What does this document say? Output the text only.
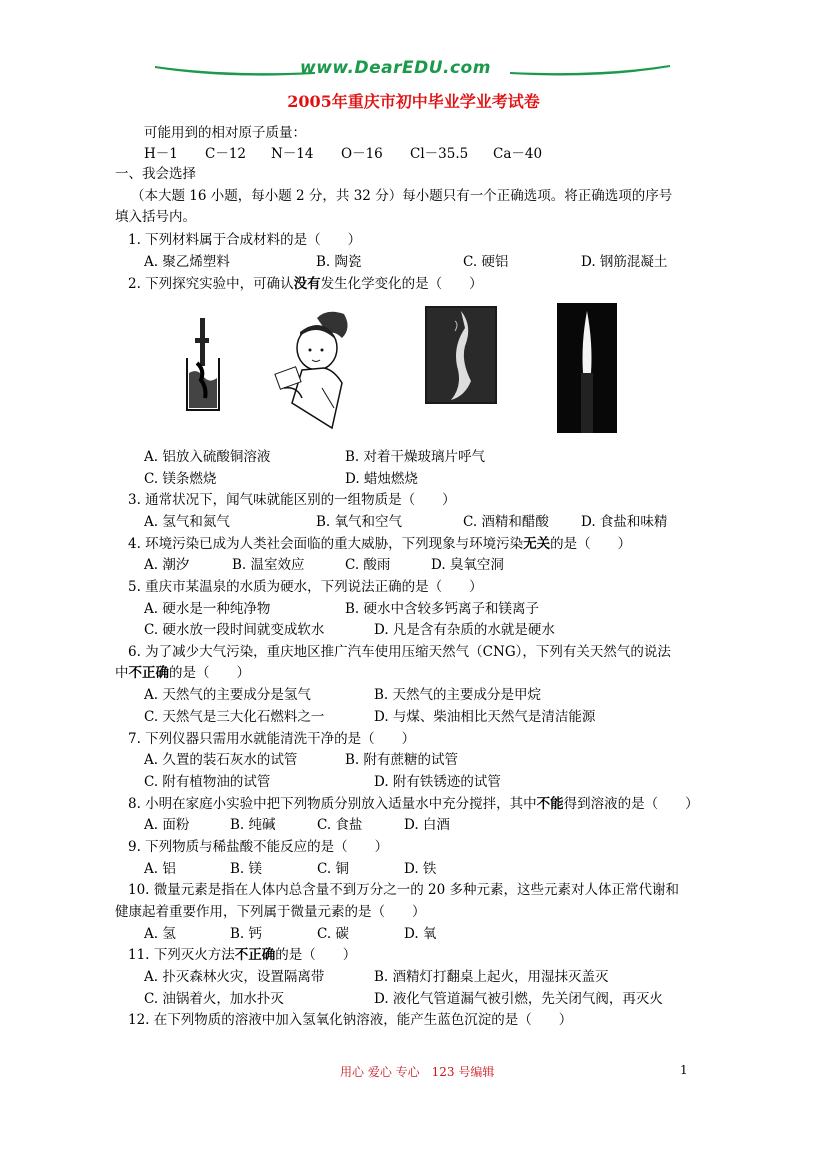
www.DearEDU.com
2005年重庆市初中毕业学业考试卷
可能用到的相对原子质量：
H－1 C－12 N－14 O－16 Cl－35.5 Ca－40
一、我会选择
（本大题 16 小题，每小题 2 分，共 32 分）每小题只有一个正确选项。将正确选项的序号
填入括号内。
1. 下列材料属于合成材料的是（　　）
A. 聚乙烯塑料	B. 陶瓷	C. 硬铝	D. 钢筋混凝土
2. 下列探究实验中，可确认没有发生化学变化的是（　　）
A. 铝放入硫酸铜溶液	B. 对着干燥玻璃片呼气
C. 镁条燃烧	D. 蜡烛燃烧
3. 通常状况下，闻气味就能区别的一组物质是（　　）
A. 氢气和氮气	B. 氧气和空气	C. 酒精和醋酸 D. 食盐和味精
4. 环境污染已成为人类社会面临的重大威胁，下列现象与环境污染无关的是（　　）
A. 潮汐	B. 温室效应	C. 酸雨	D. 臭氧空洞
5. 重庆市某温泉的水质为硬水，下列说法正确的是（　　）
A. 硬水是一种纯净物	B. 硬水中含较多钙离子和镁离子
C. 硬水放一段时间就变成软水	D. 凡是含有杂质的水就是硬水
6. 为了减少大气污染，重庆地区推广汽车使用压缩天然气（CNG），下列有关天然气的说法
中不正确的是（　　）
A. 天然气的主要成分是氢气	B. 天然气的主要成分是甲烷
C. 天然气是三大化石燃料之一	D. 与煤、柴油相比天然气是清洁能源
7. 下列仪器只需用水就能清洗干净的是（　　）
A. 久置的装石灰水的试管	B. 附有蔗糖的试管
C. 附有植物油的试管	D. 附有铁锈迹的试管
8. 小明在家庭小实验中把下列物质分别放入适量水中充分搅拌，其中不能得到溶液的是（　　）
A. 面粉	B. 纯碱	C. 食盐	D. 白酒
9. 下列物质与稀盐酸不能反应的是（　　）
A. 铝	B. 镁	C. 铜	D. 铁
10. 微量元素是指在人体内总含量不到万分之一的 20 多种元素，这些元素对人体正常代谢和
健康起着重要作用，下列属于微量元素的是（　　）
A. 氢	B. 钙	C. 碳	D. 氧
11. 下列灭火方法不正确的是（　　）
A. 扑灭森林火灾，设置隔离带	B. 酒精灯打翻桌上起火，用湿抹灭盖灭
C. 油锅着火，加水扑灭	D. 液化气管道漏气被引燃，先关闭气阀，再灭火
12. 在下列物质的溶液中加入氢氧化钠溶液，能产生蓝色沉淀的是（　　）
用心 爱心 专心　123 号编辑	1
